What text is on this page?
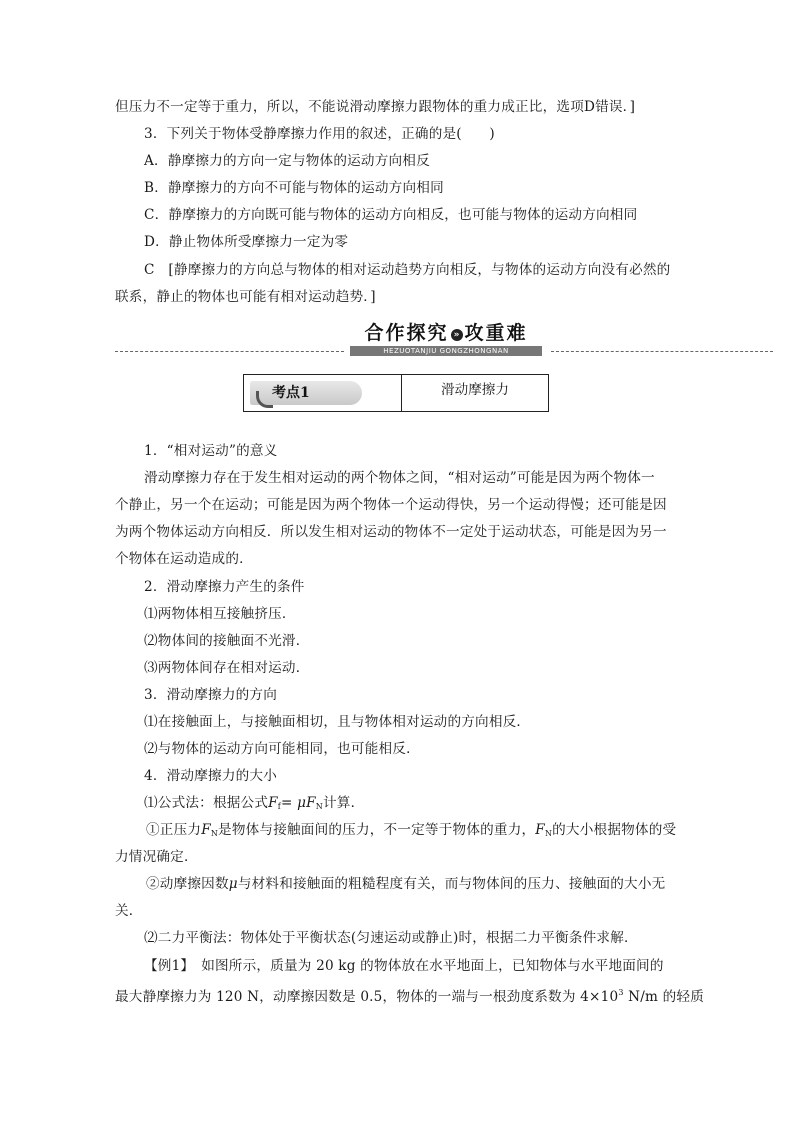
但压力不一定等于重力，所以，不能说滑动摩擦力跟物体的重力成正比，选项D错误．]
3．下列关于物体受静摩擦力作用的叙述，正确的是(　　)
A．静摩擦力的方向一定与物体的运动方向相反
B．静摩擦力的方向不可能与物体的运动方向相同
C．静摩擦力的方向既可能与物体的运动方向相反，也可能与物体的运动方向相同
D．静止物体所受摩擦力一定为零
C　[静摩擦力的方向总与物体的相对运动趋势方向相反，与物体的运动方向没有必然的
联系，静止的物体也可能有相对运动趋势．]
合作探究 » 攻重难
HEZUOTANJIU GONGZHONGNAN
考点1	滑动摩擦力
1．“相对运动”的意义
滑动摩擦力存在于发生相对运动的两个物体之间，“相对运动”可能是因为两个物体一
个静止，另一个在运动；可能是因为两个物体一个运动得快，另一个运动得慢；还可能是因
为两个物体运动方向相反．所以发生相对运动的物体不一定处于运动状态，可能是因为另一
个物体在运动造成的．
2．滑动摩擦力产生的条件
⑴两物体相互接触挤压．
⑵物体间的接触面不光滑．
⑶两物体间存在相对运动．
3．滑动摩擦力的方向
⑴在接触面上，与接触面相切，且与物体相对运动的方向相反．
⑵与物体的运动方向可能相同，也可能相反．
4．滑动摩擦力的大小
⑴公式法：根据公式$F_f= \mu F_N$计算．
①正压力$F_N$是物体与接触面间的压力，不一定等于物体的重力，$F_N$的大小根据物体的受
力情况确定．
②动摩擦因数μ与材料和接触面的粗糙程度有关，而与物体间的压力、接触面的大小无
关．
⑵二力平衡法：物体处于平衡状态(匀速运动或静止)时，根据二力平衡条件求解．
【例1】　如图所示，质量为 20 kg 的物体放在水平地面上，已知物体与水平地面间的
最大静摩擦力为 120 N，动摩擦因数是 0.5，物体的一端与一根劲度系数为 $4\times 10^3$ N/m 的轻质
